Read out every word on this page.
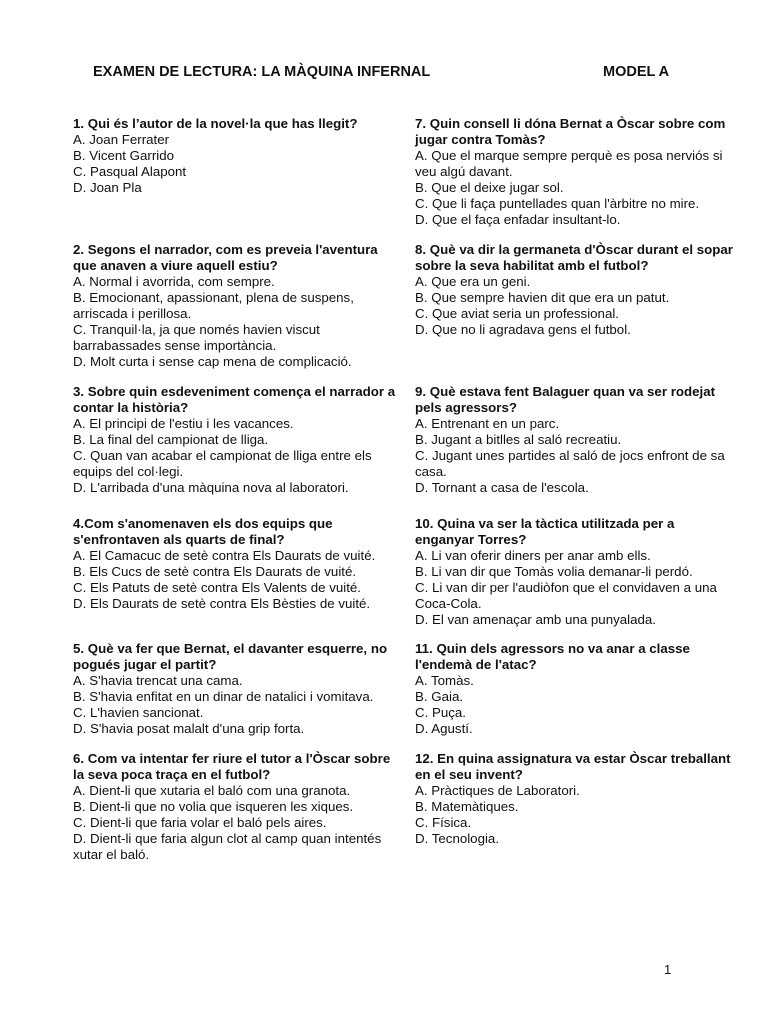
EXAMEN DE LECTURA: LA MÀQUINA INFERNAL	MODEL A
1. Qui és l’autor de la novel·la que has llegit?
A. Joan Ferrater
B. Vicent Garrido
C. Pasqual Alapont
D. Joan Pla
2. Segons el narrador, com es preveia l'aventura que anaven a viure aquell estiu?
A. Normal i avorrida, com sempre.
B. Emocionant, apassionant, plena de suspens, arriscada i perillosa.
C. Tranquil·la, ja que només havien viscut barrabassades sense importància.
D. Molt curta i sense cap mena de complicació.
3. Sobre quin esdeveniment comença el narrador a contar la història?
A. El principi de l'estiu i les vacances.
B. La final del campionat de lliga.
C. Quan van acabar el campionat de lliga entre els equips del col·legi.
D. L'arribada d'una màquina nova al laboratori.
4.Com s'anomenaven els dos equips que s'enfrontaven als quarts de final?
A. El Camacuc de setè contra Els Daurats de vuité.
B. Els Cucs de setè contra Els Daurats de vuité.
C. Els Patuts de setè contra Els Valents de vuité.
D. Els Daurats de setè contra Els Bèsties de vuité.
5. Què va fer que Bernat, el davanter esquerre, no pogués jugar el partit?
A. S'havia trencat una cama.
B. S'havia enfitat en un dinar de natalici i vomitava.
C. L'havien sancionat.
D. S'havia posat malalt d'una grip forta.
6. Com va intentar fer riure el tutor a l'Òscar sobre la seva poca traça en el futbol?
A. Dient-li que xutaria el baló com una granota.
B. Dient-li que no volia que isqueren les xiques.
C. Dient-li que faria volar el baló pels aires.
D. Dient-li que faria algun clot al camp quan intentés xutar el baló.
7. Quin consell li dóna Bernat a Òscar sobre com jugar contra Tomàs?
A. Que el marque sempre perquè es posa nerviós si veu algú davant.
B. Que el deixe jugar sol.
C. Que li faça puntellades quan l'àrbitre no mire.
D. Que el faça enfadar insultant-lo.
8. Què va dir la germaneta d'Òscar durant el sopar sobre la seva habilitat amb el futbol?
A. Que era un geni.
B. Que sempre havien dit que era un patut.
C. Que aviat seria un professional.
D. Que no li agradava gens el futbol.
9. Què estava fent Balaguer quan va ser rodejat pels agressors?
A. Entrenant en un parc.
B. Jugant a bitlles al saló recreatiu.
C. Jugant unes partides al saló de jocs enfront de sa casa.
D. Tornant a casa de l'escola.
10. Quina va ser la tàctica utilitzada per a enganyar Torres?
A. Li van oferir diners per anar amb ells.
B. Li van dir que Tomàs volia demanar-li perdó.
C. Li van dir per l'audiòfon que el convidaven a una Coca-Cola.
D. El van amenaçar amb una punyalada.
11. Quin dels agressors no va anar a classe l'endemà de l'atac?
A. Tomàs.
B. Gaia.
C. Puça.
D. Agustí.
12. En quina assignatura va estar Òscar treballant en el seu invent?
A. Pràctiques de Laboratori.
B. Matemàtiques.
C. Física.
D. Tecnologia.
1
